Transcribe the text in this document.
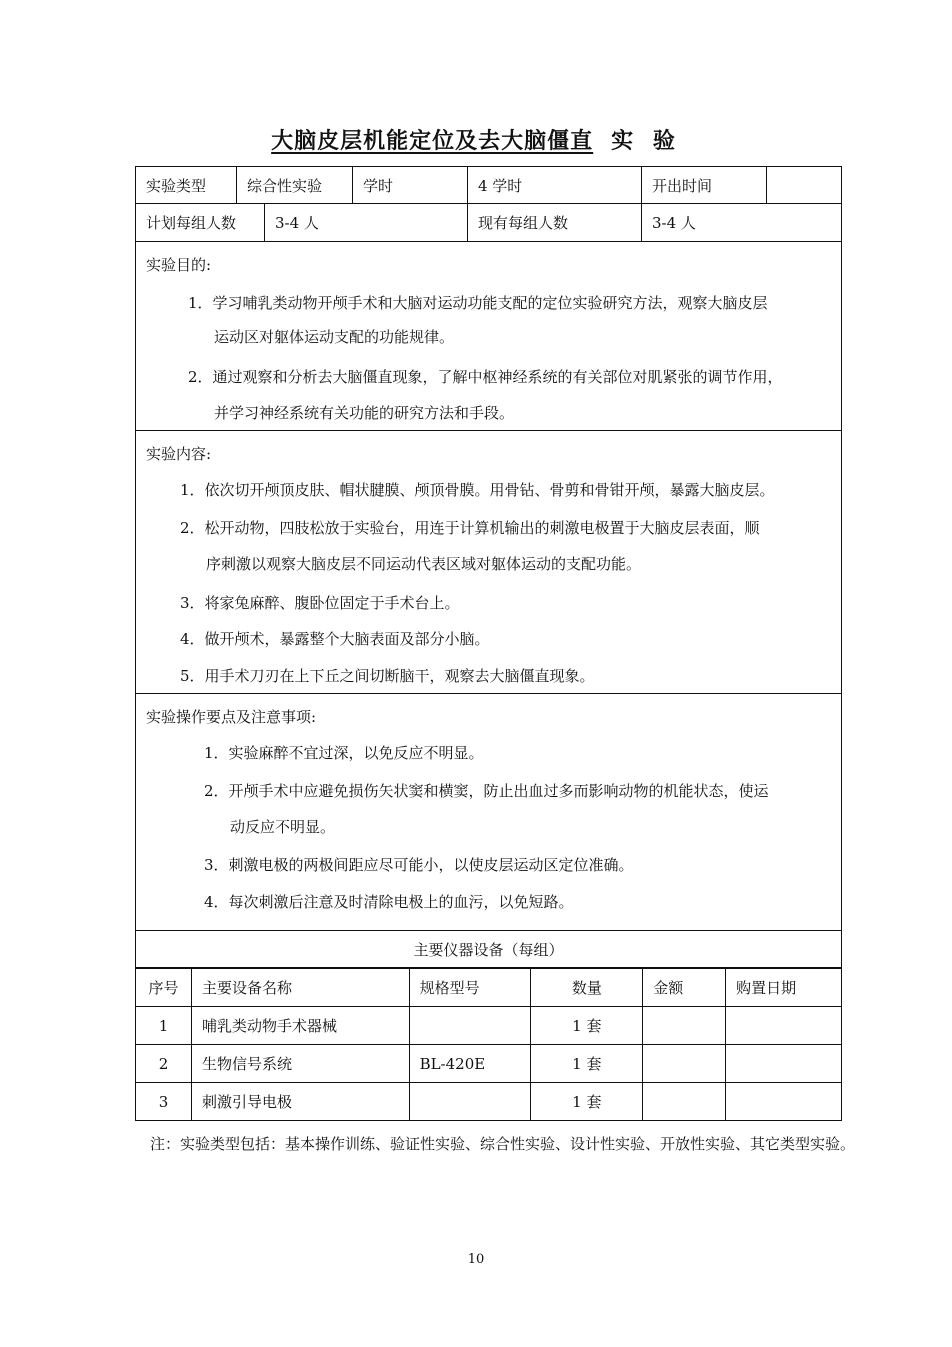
大脑皮层机能定位及去大脑僵直 实 验
实验类型	综合性实验	学时	4 学时	开出时间
计划每组人数	3-4 人	现有每组人数	3-4 人
实验目的:
1．学习哺乳类动物开颅手术和大脑对运动功能支配的定位实验研究方法，观察大脑皮层
运动区对躯体运动支配的功能规律。
2．通过观察和分析去大脑僵直现象，了解中枢神经系统的有关部位对肌紧张的调节作用，
并学习神经系统有关功能的研究方法和手段。
实验内容:
1．依次切开颅顶皮肤、帽状腱膜、颅顶骨膜。用骨钻、骨剪和骨钳开颅，暴露大脑皮层。
2．松开动物，四肢松放于实验台，用连于计算机输出的刺激电极置于大脑皮层表面，顺
序刺激以观察大脑皮层不同运动代表区域对躯体运动的支配功能。
3．将家兔麻醉、腹卧位固定于手术台上。
4．做开颅术，暴露整个大脑表面及部分小脑。
5．用手术刀刃在上下丘之间切断脑干，观察去大脑僵直现象。
实验操作要点及注意事项:
1．实验麻醉不宜过深，以免反应不明显。
2．开颅手术中应避免损伤矢状窦和横窦，防止出血过多而影响动物的机能状态，使运
动反应不明显。
3．刺激电极的两极间距应尽可能小，以使皮层运动区定位准确。
4．每次刺激后注意及时清除电极上的血污，以免短路。
主要仪器设备（每组）
序号	主要设备名称	规格型号	数量	金额	购置日期
1	哺乳类动物手术器械		1 套		
2	生物信号系统	BL-420E	1 套		
3	刺激引导电极		1 套		
注：实验类型包括：基本操作训练、验证性实验、综合性实验、设计性实验、开放性实验、其它类型实验。
10
